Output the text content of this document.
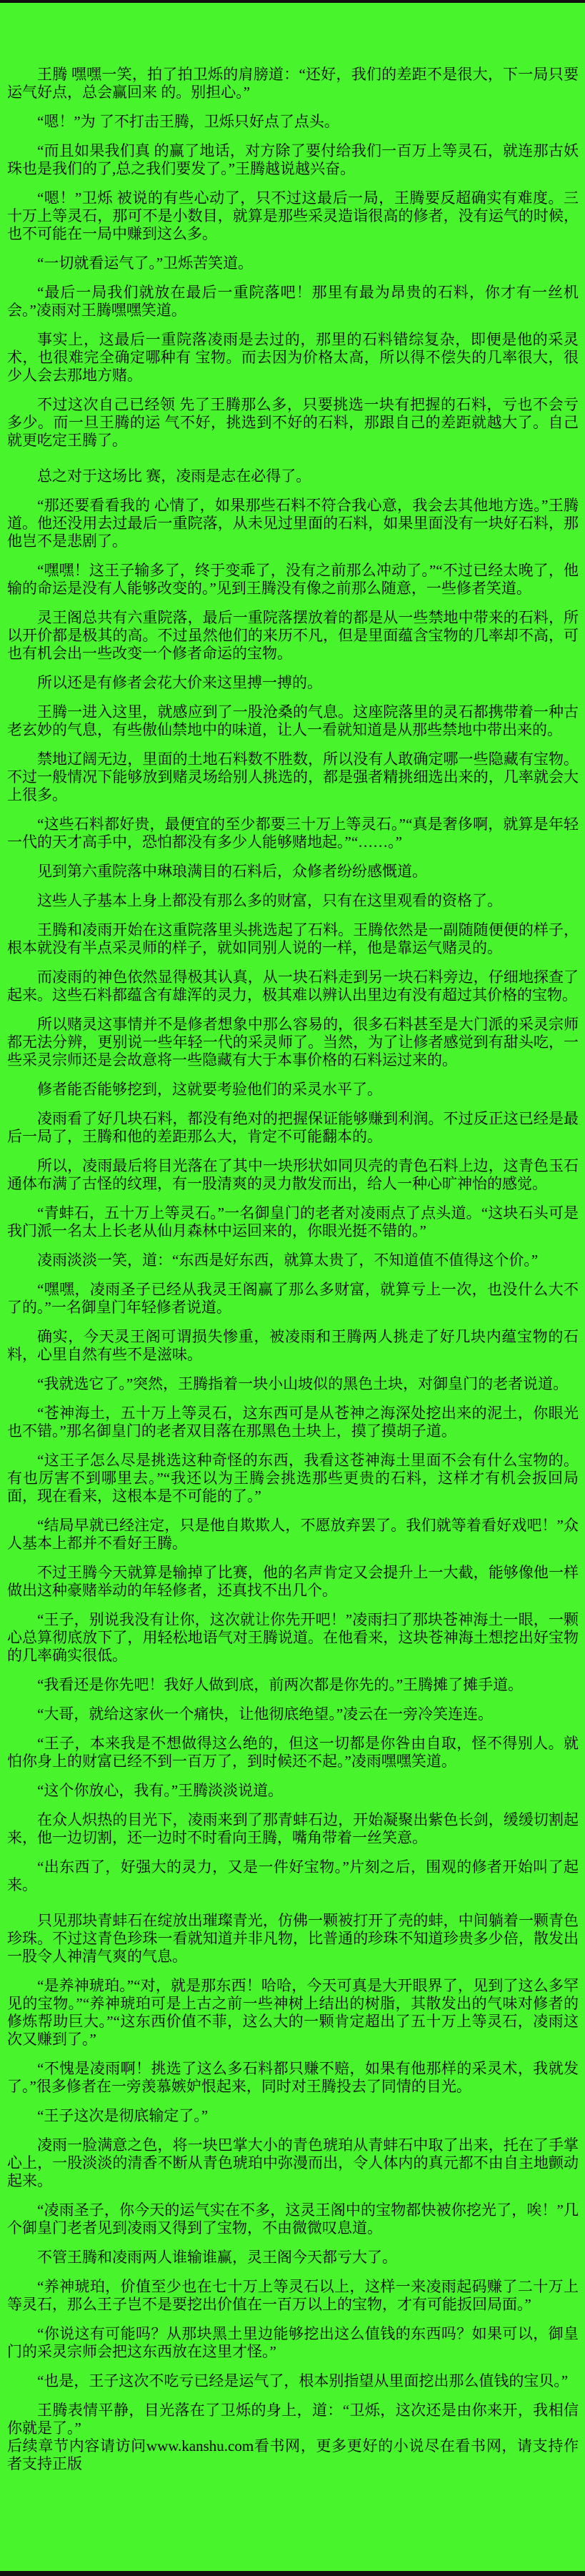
王腾 嘿嘿一笑，拍了拍卫烁的肩膀道：“还好，我们的差距不是很大，下一局只要运气好点，总会赢回来 的。别担心。”

“嗯！”为 了不打击王腾，卫烁只好点了点头。

“而且如果我们真 的赢了地话，对方除了要付给我们一百万上等灵石，就连那古妖珠也是我们的了,总之我们要发了。”王腾越说越兴奋。

“嗯！”卫烁 被说的有些心动了，只不过这最后一局，王腾要反超确实有难度。三十万上等灵石，那可不是小数目，就算是那些采灵造诣很高的修者，没有运气的时候，也不可能在一局中赚到这么多。

“一切就看运气了。”卫烁苦笑道。

“最后一局我们就放在最后一重院落吧！那里有最为昂贵的石料，你才有一丝机会。”凌雨对王腾嘿嘿笑道。

事实上，这最后一重院落凌雨是去过的，那里的石料错综复杂，即便是他的采灵术，也很难完全确定哪种有 宝物。而去因为价格太高，所以得不偿失的几率很大，很少人会去那地方赌。

不过这次自己已经领 先了王腾那么多，只要挑选一块有把握的石料，亏也不会亏多少。而一旦王腾的运 气不好，挑选到不好的石料，那跟自己的差距就越大了。自己就更吃定王腾了。

总之对于这场比 赛，凌雨是志在必得了。

“那还要看看我的 心情了，如果那些石料不符合我心意，我会去其他地方选。”王腾道。他还没用去过最后一重院落，从未见过里面的石料，如果里面没有一块好石料，那他岂不是悲剧了。

“嘿嘿！这王子输多了，终于变乖了，没有之前那么冲动了。”“不过已经太晚了，他输的命运是没有人能够改变的。”见到王腾没有像之前那么随意，一些修者笑道。

灵王阁总共有六重院落，最后一重院落摆放着的都是从一些禁地中带来的石料，所以开价都是极其的高。不过虽然他们的来历不凡，但是里面蕴含宝物的几率却不高，可也有机会出一些改变一个修者命运的宝物。

所以还是有修者会花大价来这里搏一搏的。

王腾一进入这里，就感应到了一股沧桑的气息。这座院落里的灵石都携带着一种古老玄妙的气息，有些傲仙禁地中的味道，让人一看就知道是从那些禁地中带出来的。

禁地辽阔无边，里面的土地石料数不胜数，所以没有人敢确定哪一些隐藏有宝物。不过一般情况下能够放到赌灵场给别人挑选的，都是强者精挑细选出来的，几率就会大上很多。

“这些石料都好贵，最便宜的至少都要三十万上等灵石。”“真是奢侈啊，就算是年轻一代的天才高手中，恐怕都没有多少人能够赌地起。”“……。”

见到第六重院落中琳琅满目的石料后，众修者纷纷感慨道。

这些人子基本上身上都没有那么多的财富，只有在这里观看的资格了。

王腾和凌雨开始在这重院落里头挑选起了石料。王腾依然是一副随随便便的样子，根本就没有半点采灵师的样子，就如同别人说的一样，他是靠运气赌灵的。

而凌雨的神色依然显得极其认真，从一块石料走到另一块石料旁边，仔细地探查了起来。这些石料都蕴含有雄浑的灵力，极其难以辨认出里边有没有超过其价格的宝物。

所以赌灵这事情并不是修者想象中那么容易的，很多石料甚至是大门派的采灵宗师都无法分辨，更别说一些年轻一代的采灵师了。当然，为了让修者感觉到有甜头吃，一些采灵宗师还是会故意将一些隐藏有大于本事价格的石料运过来的。

修者能否能够挖到，这就要考验他们的采灵水平了。

凌雨看了好几块石料，都没有绝对的把握保证能够赚到利润。不过反正这已经是最后一局了，王腾和他的差距那么大，肯定不可能翻本的。

所以，凌雨最后将目光落在了其中一块形状如同贝壳的青色石料上边，这青色玉石通体布满了古怪的纹理，有一股清爽的灵力散发而出，给人一种心旷神怡的感觉。

“青蚌石，五十万上等灵石。”一名御皇门的老者对凌雨点了点头道。“这块石头可是我门派一名太上长老从仙月森林中运回来的，你眼光挺不错的。”

凌雨淡淡一笑，道：“东西是好东西，就算太贵了，不知道值不值得这个价。”

“嘿嘿，凌雨圣子已经从我灵王阁赢了那么多财富，就算亏上一次，也没什么大不了的。”一名御皇门年轻修者说道。

确实，今天灵王阁可谓损失惨重，被凌雨和王腾两人挑走了好几块内蕴宝物的石料，心里自然有些不是滋味。

“我就选它了。”突然，王腾指着一块小山坡似的黑色土块，对御皇门的老者说道。

“苍神海土，五十万上等灵石，这东西可是从苍神之海深处挖出来的泥土，你眼光也不错。”那名御皇门的老者双目落在那黑色土块上，摸了摸胡子道。

“这王子怎么尽是挑选这种奇怪的东西，我看这苍神海土里面不会有什么宝物的。有也厉害不到哪里去。”“我还以为王腾会挑选那些更贵的石料，这样才有机会扳回局面，现在看来，这根本是不可能的了。”

“结局早就已经注定，只是他自欺欺人，不愿放弃罢了。我们就等着看好戏吧！”众人基本上都并不看好王腾。

不过王腾今天就算是输掉了比赛，他的名声肯定又会提升上一大截，能够像他一样做出这种豪赌举动的年轻修者，还真找不出几个。

“王子，别说我没有让你，这次就让你先开吧！”凌雨扫了那块苍神海土一眼，一颗心总算彻底放下了，用轻松地语气对王腾说道。在他看来，这块苍神海土想挖出好宝物的几率确实很低。

“我看还是你先吧！我好人做到底，前两次都是你先的。”王腾摊了摊手道。

“大哥，就给这家伙一个痛快，让他彻底绝望。”凌云在一旁冷笑连连。

“王子，本来我是不想做得这么绝的，但这一切都是你咎由自取，怪不得别人。就怕你身上的财富已经不到一百万了，到时候还不起。”凌雨嘿嘿笑道。

“这个你放心，我有。”王腾淡淡说道。

在众人炽热的目光下，凌雨来到了那青蚌石边，开始凝聚出紫色长剑，缓缓切割起来，他一边切割，还一边时不时看向王腾，嘴角带着一丝笑意。

“出东西了，好强大的灵力，又是一件好宝物。”片刻之后，围观的修者开始叫了起来。

只见那块青蚌石在绽放出璀璨青光，仿佛一颗被打开了壳的蚌，中间躺着一颗青色珍珠。不过这青色珍珠一看就知道并非凡物，比普通的珍珠不知道珍贵多少倍，散发出一股令人神清气爽的气息。

“是养神琥珀。”“对，就是那东西！哈哈，今天可真是大开眼界了，见到了这么多罕见的宝物。”“养神琥珀可是上古之前一些神树上结出的树脂，其散发出的气味对修者的修炼帮助巨大。”“这东西价值不菲，这么大的一颗肯定超出了五十万上等灵石，凌雨这次又赚到了。”

“不愧是凌雨啊！挑选了这么多石料都只赚不赔，如果有他那样的采灵术，我就发了。”很多修者在一旁羡慕嫉妒恨起来，同时对王腾投去了同情的目光。

“王子这次是彻底输定了。”

凌雨一脸满意之色，将一块巴掌大小的青色琥珀从青蚌石中取了出来，托在了手掌心上，一股淡淡的清香不断从青色琥珀中弥漫而出，令人体内的真元都不由自主地颤动起来。

“凌雨圣子，你今天的运气实在不多，这灵王阁中的宝物都快被你挖光了，唉！”几个御皇门老者见到凌雨又得到了宝物，不由微微叹息道。

不管王腾和凌雨两人谁输谁赢，灵王阁今天都亏大了。

“养神琥珀，价值至少也在七十万上等灵石以上，这样一来凌雨起码赚了二十万上等灵石，那么王子岂不是要挖出价值在一百万以上的宝物，才有可能扳回局面。”

“你说这有可能吗？从那块黑土里边能够挖出这么值钱的东西吗？如果可以，御皇门的采灵宗师会把这东西放在这里才怪。”

“也是，王子这次不吃亏已经是运气了，根本别指望从里面挖出那么值钱的宝贝。”

王腾表情平静，目光落在了卫烁的身上，道：“卫烁，这次还是由你来开，我相信你就是了。”

后续章节内容请访问www.kanshu.com看书网，更多更好的小说尽在看书网，请支持作者支持正版
